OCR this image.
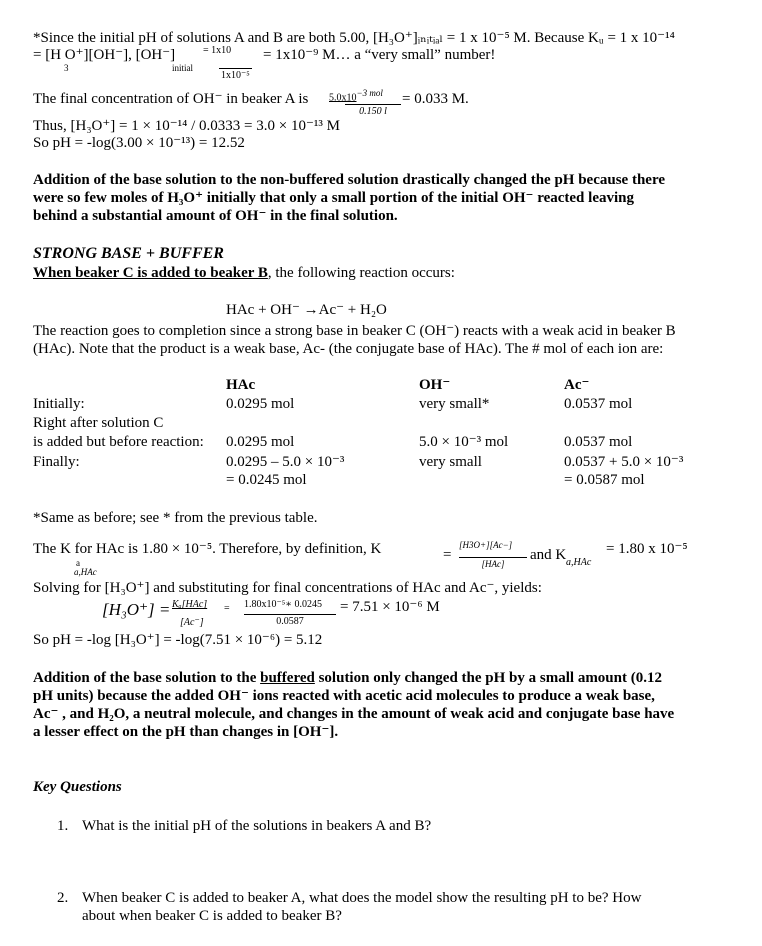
*Since the initial pH of solutions A and B are both 5.00, [H₃O⁺]ᵢₙᵢₜᵢₐₗ = 1 x 10⁻⁵ M. Because Kᵤ = 1 x 10⁻¹⁴
= [H O⁺][OH⁻], [OH⁻]
3	initial
= 1x10
1x10⁻⁵
= 1x10⁻⁹ M… a “very small” number!
The final concentration of OH⁻ in beaker A is $5.0x10^{-3 mol}$
0.150 l
= 0.033 M.
Thus, [H₃O⁺] = 1 × 10⁻¹⁴ / 0.0333 = 3.0 × 10⁻¹³ M
So pH = -log(3.00 × 10⁻¹³) = 12.52
Addition of the base solution to the non-buffered solution drastically changed the pH because there
were so few moles of H₃O⁺ initially that only a small portion of the initial OH⁻ reacted leaving
behind a substantial amount of OH⁻ in the final solution.
STRONG BASE + BUFFER
When beaker C is added to beaker B, the following reaction occurs:
HAc + OH⁻ →Ac⁻ + H₂O
The reaction goes to completion since a strong base in beaker C (OH⁻) reacts with a weak acid in beaker B
(HAc). Note that the product is a weak base, Ac- (the conjugate base of HAc). The # mol of each ion are:
Initially:
Right after solution C
is added but before reaction:
Finally:
HAc
0.0295 mol
0.0295 mol
0.0295 – 5.0 × 10⁻³
= 0.0245 mol
OH⁻
very small*
5.0 × 10⁻³ mol
very small
Ac⁻
0.0537 mol
0.0537 mol
0.0537 + 5.0 × 10⁻³
= 0.0587 mol
*Same as before; see * from the previous table.
The K for HAc is 1.80 × 10⁻⁵. Therefore, by definition, K
a
a,HAc
=
[H3O+][Ac−]
[HAc]
and K a,HAc
= 1.80 x 10⁻⁵
Solving for [H₃O⁺] and substituting for final concentrations of HAc and Ac⁻, yields:
[H₃O⁺] = Kₐ[HAc]
[Ac⁻]
= 1.80x10⁻⁵∗ 0.0245
0.0587
= 7.51 × 10⁻⁶ M
So pH = -log [H₃O⁺] = -log(7.51 × 10⁻⁶) = 5.12
Addition of the base solution to the buffered solution only changed the pH by a small amount (0.12
pH units) because the added OH⁻ ions reacted with acetic acid molecules to produce a weak base,
Ac⁻ , and H₂O, a neutral molecule, and changes in the amount of weak acid and conjugate base have
a lesser effect on the pH than changes in [OH⁻].
Key Questions
1. What is the initial pH of the solutions in beakers A and B?
2. When beaker C is added to beaker A, what does the model show the resulting pH to be? How
about when beaker C is added to beaker B?
